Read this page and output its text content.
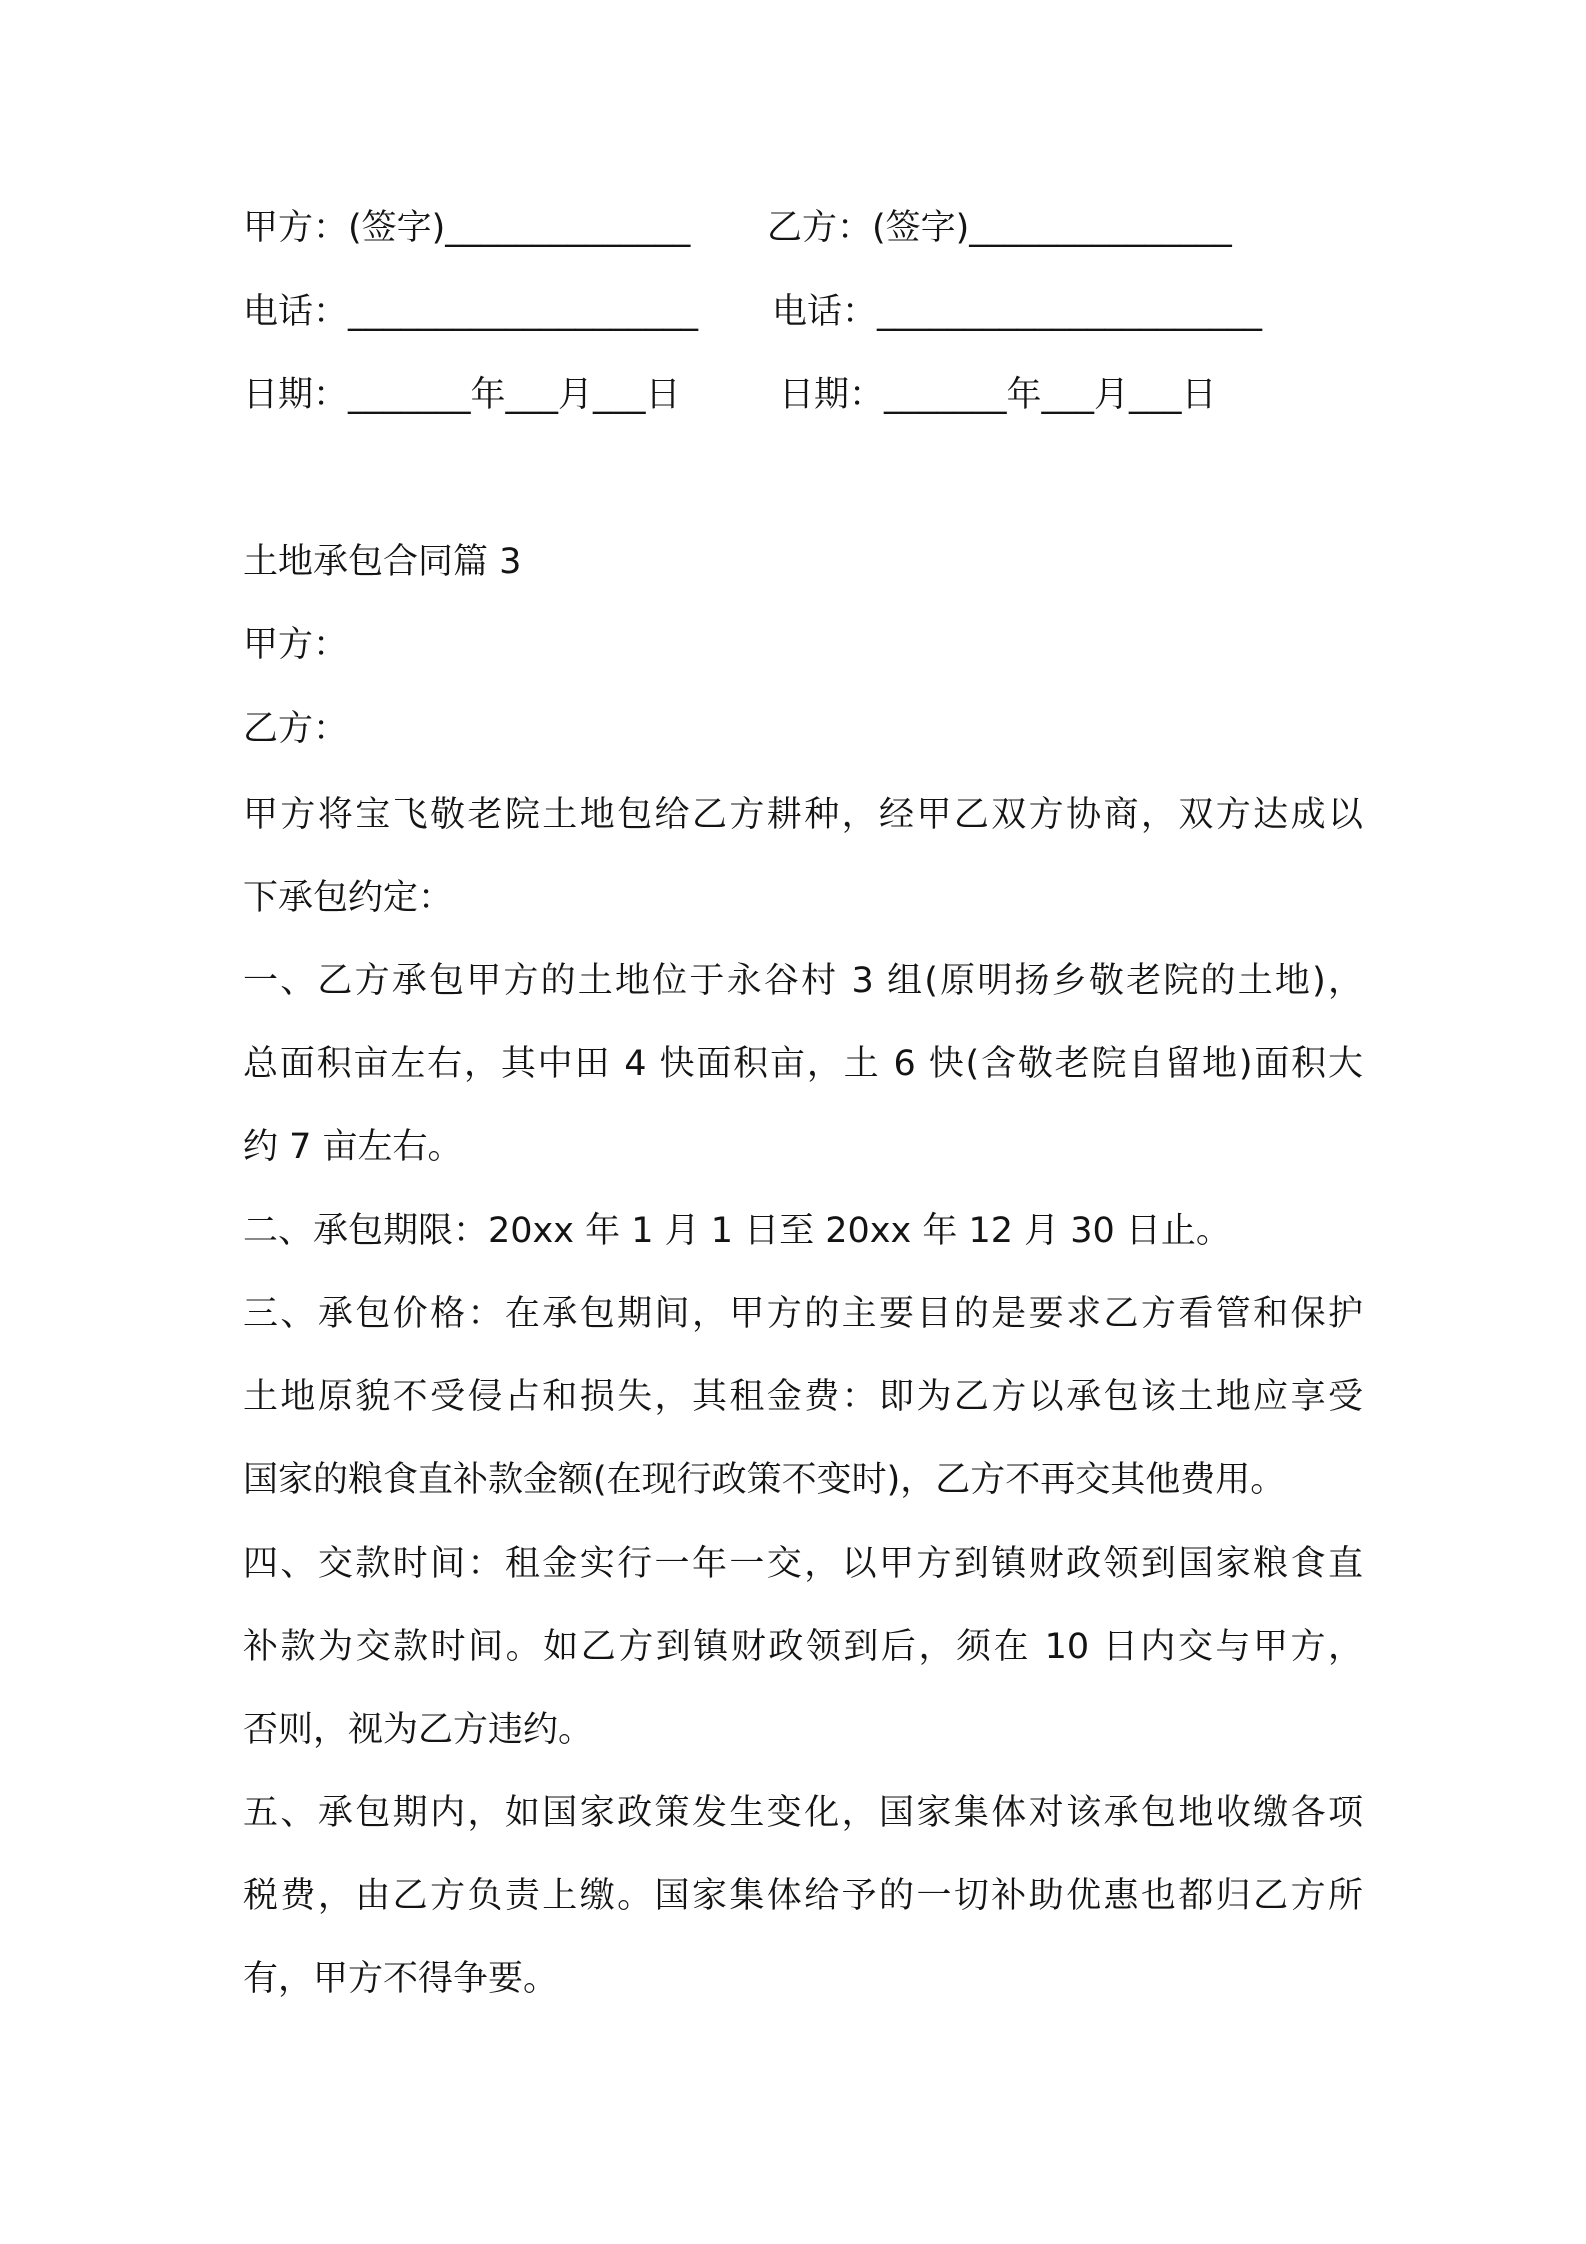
甲方：(签字)______________ 乙方：(签字)_______________
电话：____________________ 电话：______________________
日期：_______年___月___日	日期：_______年___月___日
土地承包合同篇 3
甲方：
乙方：
甲方将宝飞敬老院土地包给乙方耕种，经甲乙双方协商，双方达成以
下承包约定：
一、乙方承包甲方的土地位于永谷村 3 组(原明扬乡敬老院的土地)，
总面积亩左右，其中田 4 快面积亩，土 6 快(含敬老院自留地)面积大
约 7 亩左右。
二、承包期限：20xx 年 1 月 1 日至 20xx 年 12 月 30 日止。
三、承包价格：在承包期间，甲方的主要目的是要求乙方看管和保护
土地原貌不受侵占和损失，其租金费：即为乙方以承包该土地应享受
国家的粮食直补款金额(在现行政策不变时)，乙方不再交其他费用。
四、交款时间：租金实行一年一交，以甲方到镇财政领到国家粮食直
补款为交款时间。如乙方到镇财政领到后，须在 10 日内交与甲方，
否则，视为乙方违约。
五、承包期内，如国家政策发生变化，国家集体对该承包地收缴各项
税费，由乙方负责上缴。国家集体给予的一切补助优惠也都归乙方所
有，甲方不得争要。
